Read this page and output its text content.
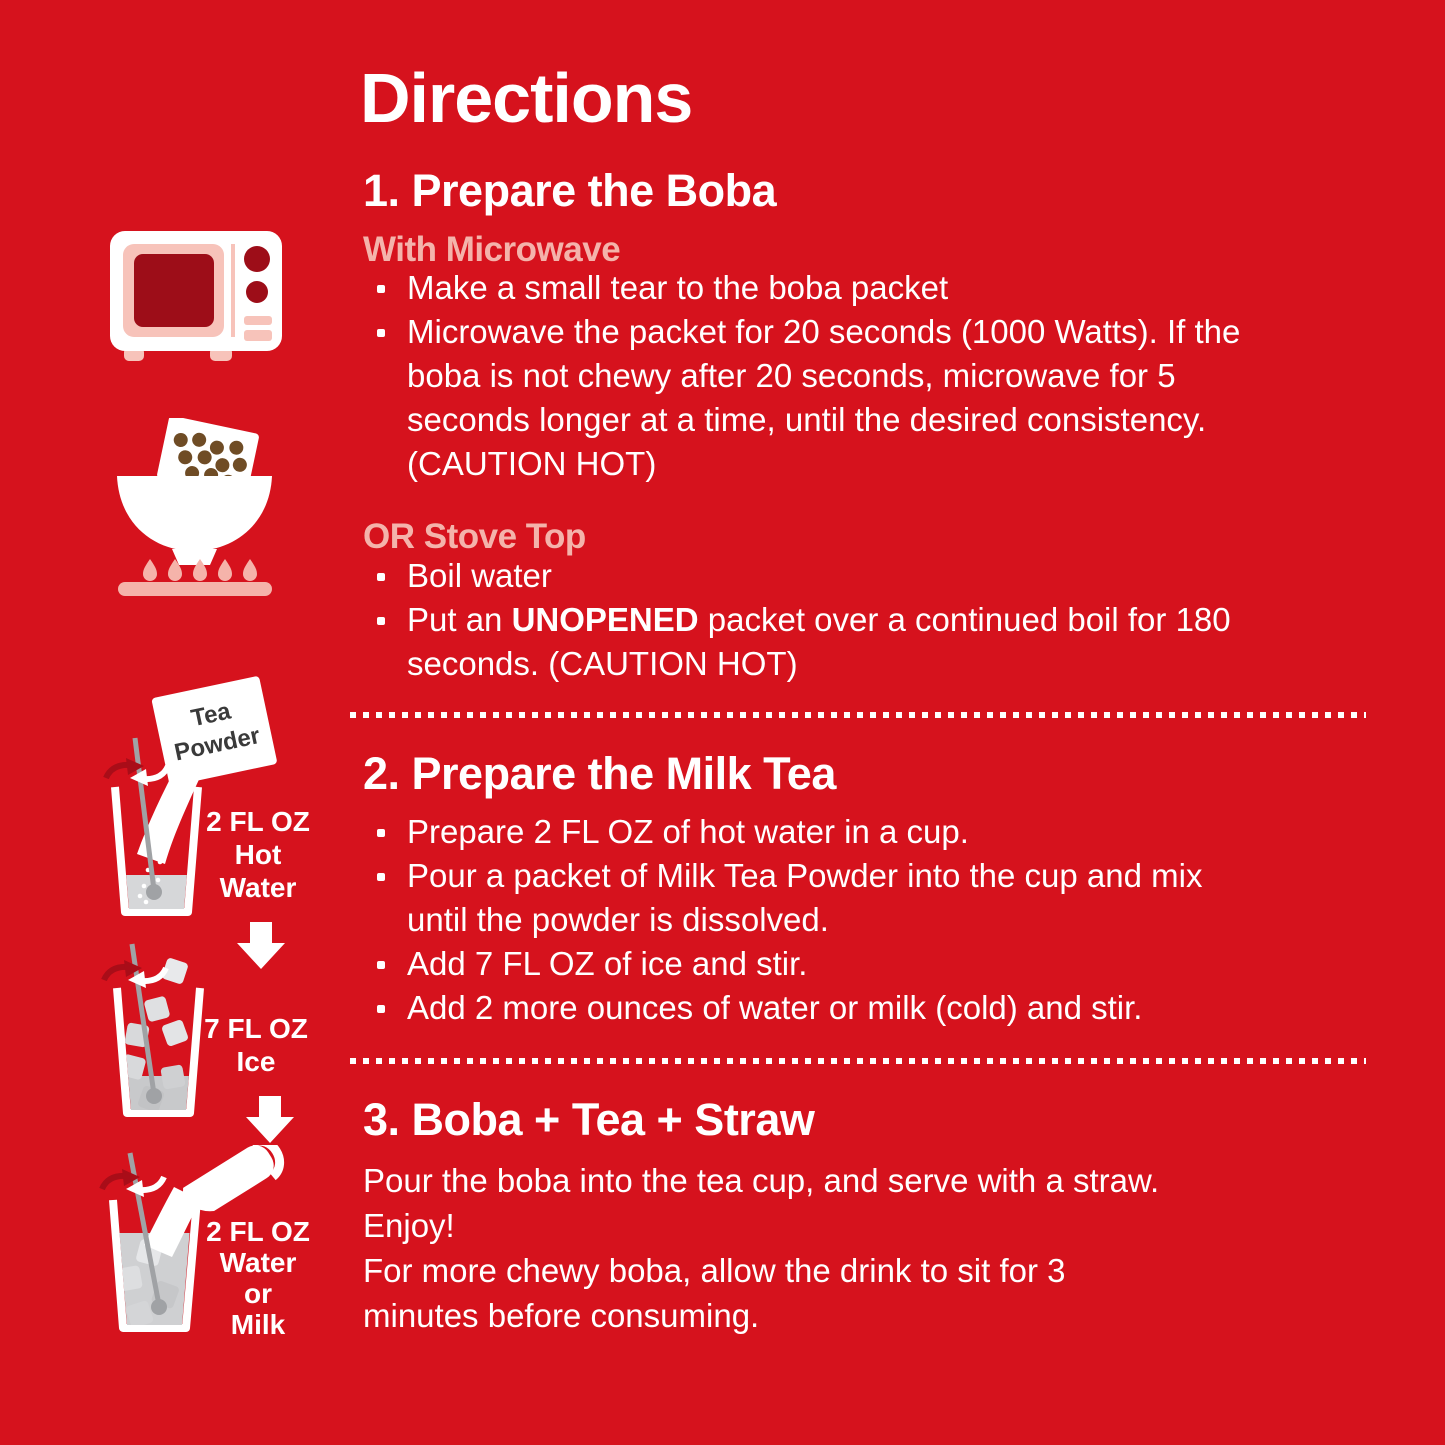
Directions
1. Prepare the Boba
With Microwave
Make a small tear to the boba packet
Microwave the packet for 20 seconds (1000 Watts). If the boba is not chewy after 20 seconds, microwave for 5 seconds longer at a time, until the desired consistency. (CAUTION HOT)
OR Stove Top
Boil water
Put an UNOPENED packet over a continued boil for 180 seconds. (CAUTION HOT)
2. Prepare the Milk Tea
Prepare 2 FL OZ of hot water in a cup.
Pour a packet of Milk Tea Powder into the cup and mix until the powder is dissolved.
Add 7 FL OZ of ice and stir.
Add 2 more ounces of water or milk (cold) and stir.
3. Boba + Tea + Straw

Pour the boba into the tea cup, and serve with a straw.

Enjoy!

For more chewy boba, allow the drink to sit for 3 minutes before consuming.

Tea
Powder
2 FL OZ
Hot
Water
7 FL OZ
Ice
2 FL OZ
Water
or
Milk
